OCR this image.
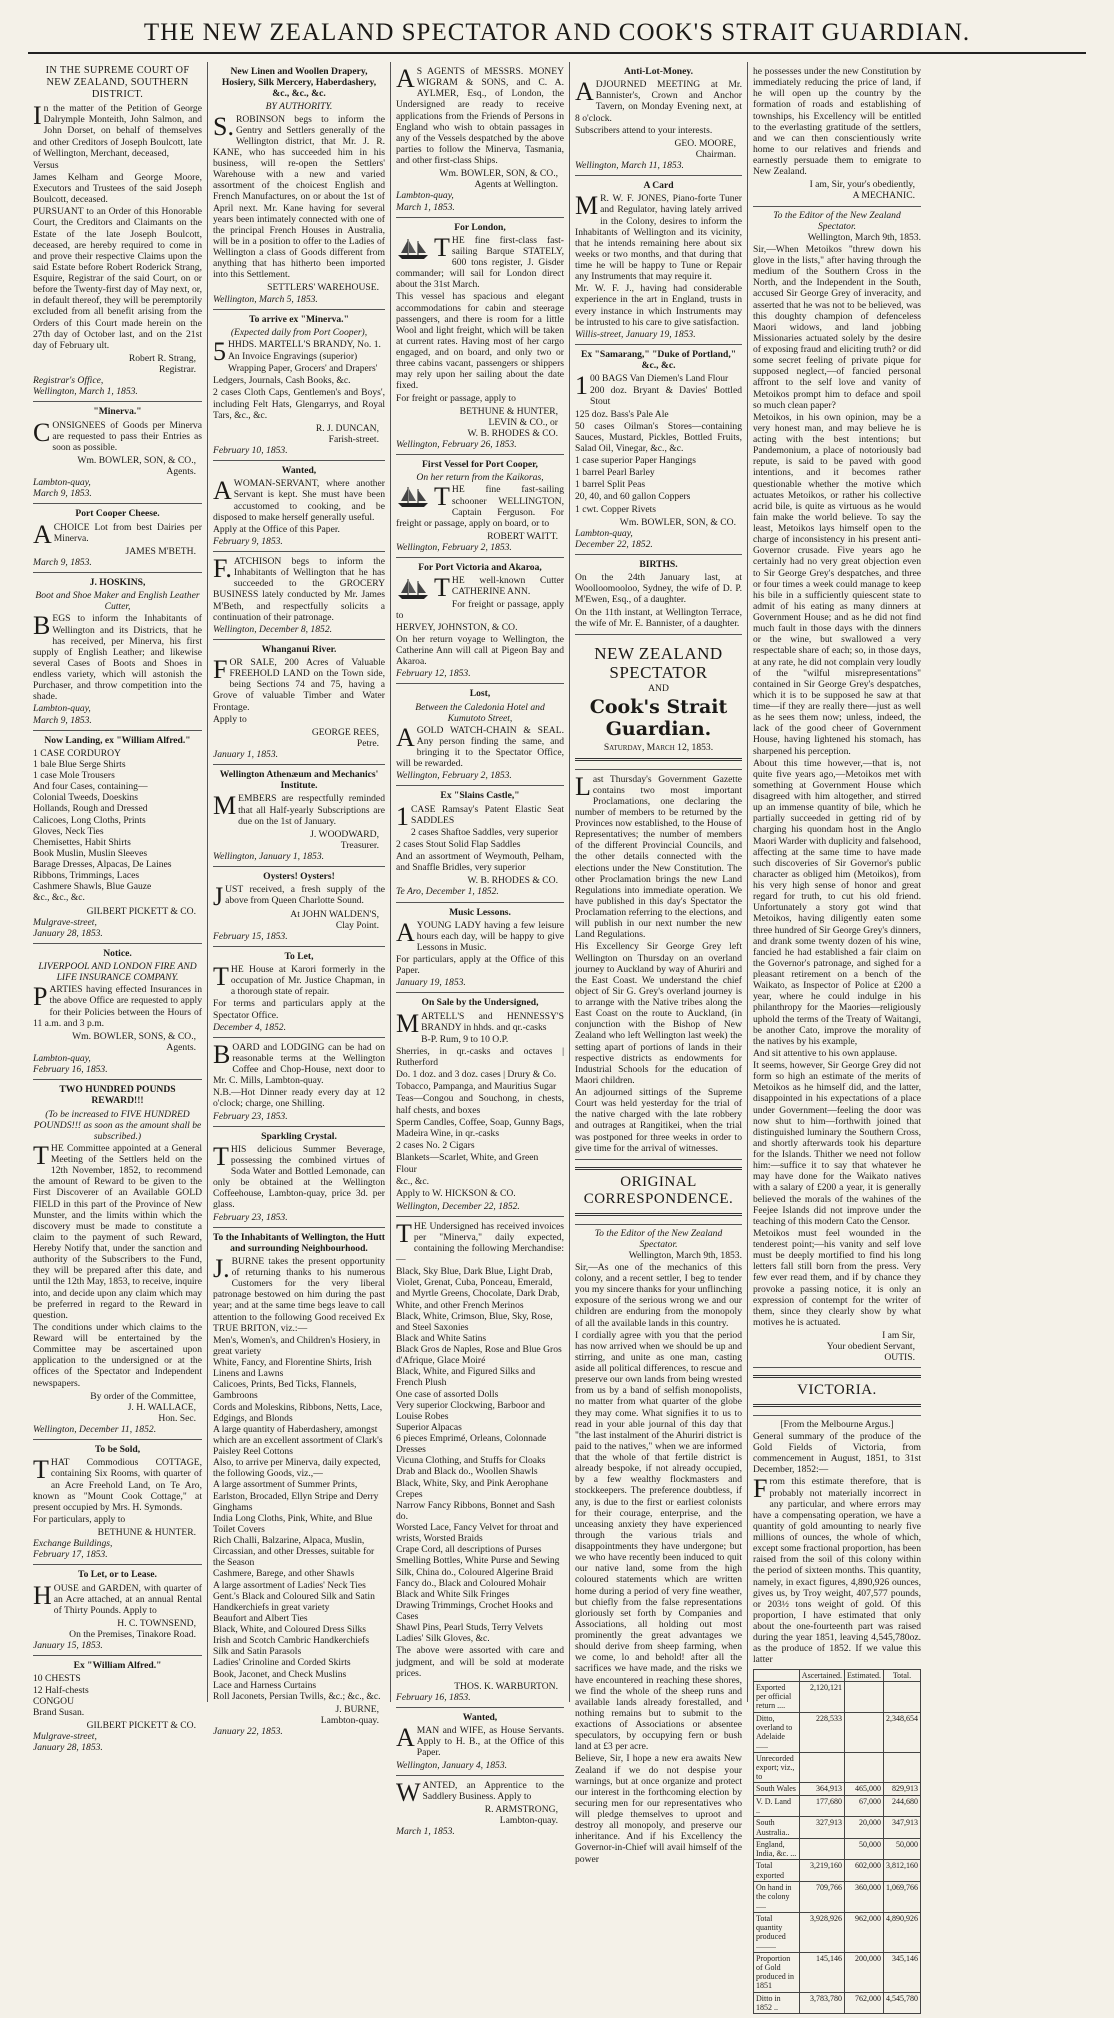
THE NEW ZEALAND SPECTATOR AND COOK'S STRAIT GUARDIAN.
IN THE SUPREME COURT OF NEW ZEALAND, SOUTHERN DISTRICT.

In the matter of the Petition of George Dalrymple Monteith, John Salmon, and John Dorset, on behalf of themselves and other Creditors of Joseph Boulcott, late of Wellington, Merchant, deceased,

Versus

James Kelham and George Moore, Executors and Trustees of the said Joseph Boulcott, deceased.

PURSUANT to an Order of this Honorable Court, the Creditors and Claimants on the Estate of the late Joseph Boulcott, deceased, are hereby required to come in and prove their respective Claims upon the said Estate before Robert Roderick Strang, Esquire, Registrar of the said Court, on or before the Twenty-first day of May next, or, in default thereof, they will be peremptorily excluded from all benefit arising from the Orders of this Court made herein on the 27th day of October last, and on the 21st day of February ult.

Robert R. Strang,
Registrar.
Registrar's Office,
Wellington, March 1, 1853.
"Minerva."

CONSIGNEES of Goods per Minerva are requested to pass their Entries as soon as possible.

Wm. BOWLER, SON, & CO.,
Agents.
Lambton-quay,
March 9, 1853.
Port Cooper Cheese.

ACHOICE Lot from best Dairies per Minerva.

JAMES M'BETH.
March 9, 1853.
J. HOSKINS,
Boot and Shoe Maker and English Leather Cutter,

BEGS to inform the Inhabitants of Wellington and its Districts, that he has received, per Minerva, his first supply of English Leather; and likewise several Cases of Boots and Shoes in endless variety, which will astonish the Purchaser, and throw competition into the shade.

Lambton-quay,
March 9, 1853.
Now Landing, ex "William Alfred."

1 CASE CORDUROY

1 bale Blue Serge Shirts

1 case Mole Trousers

And four Cases, containing—

Colonial Tweeds, Doeskins

Hollands, Rough and Dressed

Calicoes, Long Cloths, Prints

Gloves, Neck Ties

Chemisettes, Habit Shirts

Book Muslin, Muslin Sleeves

Barage Dresses, Alpacas, De Laines

Ribbons, Trimmings, Laces

Cashmere Shawls, Blue Gauze

&c., &c., &c.

GILBERT PICKETT & CO.
Mulgrave-street,
January 28, 1853.
Notice.
LIVERPOOL AND LONDON FIRE AND LIFE INSURANCE COMPANY.

PARTIES having effected Insurances in the above Office are requested to apply for their Policies between the Hours of 11 a.m. and 3 p.m.

Wm. BOWLER, SONS, & CO.,
Agents.
Lambton-quay,
February 16, 1853.
TWO HUNDRED POUNDS REWARD!!!
(To be increased to FIVE HUNDRED POUNDS!!! as soon as the amount shall be subscribed.)

THE Committee appointed at a General Meeting of the Settlers held on the 12th November, 1852, to recommend the amount of Reward to be given to the First Discoverer of an Available GOLD FIELD in this part of the Province of New Munster, and the limits within which the discovery must be made to constitute a claim to the payment of such Reward, Hereby Notify that, under the sanction and authority of the Subscribers to the Fund, they will be prepared after this date, and until the 12th May, 1853, to receive, inquire into, and decide upon any claim which may be preferred in regard to the Reward in question.

The conditions under which claims to the Reward will be entertained by the Committee may be ascertained upon application to the undersigned or at the offices of the Spectator and Independent newspapers.

By order of the Committee,
J. H. WALLACE,
Hon. Sec.
Wellington, December 11, 1852.
To be Sold,

THAT Commodious COTTAGE, containing Six Rooms, with quarter of an Acre Freehold Land, on Te Aro, known as "Mount Cook Cottage," at present occupied by Mrs. H. Symonds.

For particulars, apply to

BETHUNE & HUNTER.
Exchange Buildings,
February 17, 1853.
To Let, or to Lease.

HOUSE and GARDEN, with quarter of an Acre attached, at an annual Rental of Thirty Pounds. Apply to

H. C. TOWNSEND,
On the Premises, Tinakore Road.
January 15, 1853.
Ex "William Alfred."

10 CHESTS

12 Half-chests

CONGOU

Brand Susan.

GILBERT PICKETT & CO.
Mulgrave-street,
January 28, 1853.
New Linen and Woollen Drapery, Hosiery, Silk Mercery, Haberdashery, &c., &c., &c.
BY AUTHORITY.

S.ROBINSON begs to inform the Gentry and Settlers generally of the Wellington district, that Mr. J. R. KANE, who has succeeded him in his business, will re-open the Settlers' Warehouse with a new and varied assortment of the choicest English and French Manufactures, on or about the 1st of April next. Mr. Kane having for several years been intimately connected with one of the principal French Houses in Australia, will be in a position to offer to the Ladies of Wellington a class of Goods different from anything that has hitherto been imported into this Settlement.

SETTLERS' WAREHOUSE.
Wellington, March 5, 1853.
To arrive ex "Minerva."
(Expected daily from Port Cooper),

5HHDS. MARTELL'S BRANDY, No. 1.

An Invoice Engravings (superior)

Wrapping Paper, Grocers' and Drapers'

Ledgers, Journals, Cash Books, &c.

2 cases Cloth Caps, Gentlemen's and Boys', including Felt Hats, Glengarrys, and Royal Tars, &c., &c.

R. J. DUNCAN,
Farish-street.
February 10, 1853.
Wanted,

AWOMAN-SERVANT, where another Servant is kept. She must have been accustomed to cooking, and be disposed to make herself generally useful.

Apply at the Office of this Paper.

February 9, 1853.

F.ATCHISON begs to inform the Inhabitants of Wellington that he has succeeded to the GROCERY BUSINESS lately conducted by Mr. James M'Beth, and respectfully solicits a continuation of their patronage.

Wellington, December 8, 1852.
Whanganui River.

FOR SALE, 200 Acres of Valuable FREEHOLD LAND on the Town side, being Sections 74 and 75, having a Grove of valuable Timber and Water Frontage.

Apply to

GEORGE REES,
Petre.
January 1, 1853.
Wellington Athenæum and Mechanics' Institute.

MEMBERS are respectfully reminded that all Half-yearly Subscriptions are due on the 1st of January.

J. WOODWARD,
Treasurer.
Wellington, January 1, 1853.
Oysters! Oysters!

JUST received, a fresh supply of the above from Queen Charlotte Sound.

At JOHN WALDEN'S,
Clay Point.
February 15, 1853.
To Let,

THE House at Karori formerly in the occupation of Mr. Justice Chapman, in a thorough state of repair.

For terms and particulars apply at the Spectator Office.

December 4, 1852.

BOARD and LODGING can be had on reasonable terms at the Wellington Coffee and Chop-House, next door to Mr. C. Mills, Lambton-quay.

N.B.—Hot Dinner ready every day at 12 o'clock; charge, one Shilling.

February 23, 1853.
Sparkling Crystal.

THIS delicious Summer Beverage, possessing the combined virtues of Soda Water and Bottled Lemonade, can only be obtained at the Wellington Coffeehouse, Lambton-quay, price 3d. per glass.

February 23, 1853.
To the Inhabitants of Wellington, the Hutt and surrounding Neighbourhood.

J.BURNE takes the present opportunity of returning thanks to his numerous Customers for the very liberal patronage bestowed on him during the past year; and at the same time begs leave to call attention to the following Good received Ex TRUE BRITON, viz.:—

Men's, Women's, and Children's Hosiery, in great variety

White, Fancy, and Florentine Shirts, Irish Linens and Lawns

Calicoes, Prints, Bed Ticks, Flannels, Gambroons

Cords and Moleskins, Ribbons, Netts, Lace, Edgings, and Blonds

A large quantity of Haberdashery, amongst which are an excellent assortment of Clark's Paisley Reel Cottons

Also, to arrive per Minerva, daily expected, the following Goods, viz.,—

A large assortment of Summer Prints, Earlston, Brocaded, Ellyn Stripe and Derry Ginghams

India Long Cloths, Pink, White, and Blue Toilet Covers

Rich Challi, Balzarine, Alpaca, Muslin, Circassian, and other Dresses, suitable for the Season

Cashmere, Barege, and other Shawls

A large assortment of Ladies' Neck Ties

Gent.'s Black and Coloured Silk and Satin Handkerchiefs in great variety

Beaufort and Albert Ties

Black, White, and Coloured Dress Silks

Irish and Scotch Cambric Handkerchiefs

Silk and Satin Parasols

Ladies' Crinoline and Corded Skirts

Book, Jaconet, and Check Muslins

Lace and Harness Curtains

Roll Jaconets, Persian Twills, &c.; &c., &c.

J. BURNE,
Lambton-quay.
January 22, 1853.

AS AGENTS of MESSRS. MONEY WIGRAM & SONS, and C. A. AYLMER, Esq., of London, the Undersigned are ready to receive applications from the Friends of Persons in England who wish to obtain passages in any of the Vessels despatched by the above parties to follow the Minerva, Tasmania, and other first-class Ships.

Wm. BOWLER, SON, & CO.,
Agents at Wellington.
Lambton-quay,
March 1, 1853.
For London,

THE fine first-class fast-sailing Barque STATELY, 600 tons register, J. Gisder commander; will sail for London direct about the 31st March.

This vessel has spacious and elegant accommodations for cabin and steerage passengers, and there is room for a little Wool and light freight, which will be taken at current rates. Having most of her cargo engaged, and on board, and only two or three cabins vacant, passengers or shippers may rely upon her sailing about the date fixed.

For freight or passage, apply to

BETHUNE & HUNTER,
LEVIN & CO., or
W. B. RHODES & CO.
Wellington, February 26, 1853.
First Vessel for Port Cooper,
On her return from the Kaikoras,

THE fine fast-sailing schooner WELLINGTON, Captain Ferguson. For freight or passage, apply on board, or to

ROBERT WAITT.
Wellington, February 2, 1853.
For Port Victoria and Akaroa,

THE well-known Cutter CATHERINE ANN.

For freight or passage, apply to

HERVEY, JOHNSTON, & CO.

On her return voyage to Wellington, the Catherine Ann will call at Pigeon Bay and Akaroa.

February 12, 1853.
Lost,
Between the Caledonia Hotel and Kumutoto Street,

AGOLD WATCH-CHAIN & SEAL. Any person finding the same, and bringing it to the Spectator Office, will be rewarded.

Wellington, February 2, 1853.
Ex "Slains Castle,"

1CASE Ramsay's Patent Elastic Seat SADDLES

2 cases Shaftoe Saddles, very superior

2 cases Stout Solid Flap Saddles

And an assortment of Weymouth, Pelham, and Snaffle Bridles, very superior

W. B. RHODES & CO.
Te Aro, December 1, 1852.
Music Lessons.

AYOUNG LADY having a few leisure hours each day, will be happy to give Lessons in Music.

For particulars, apply at the Office of this Paper.

January 19, 1853.
On Sale by the Undersigned,

MARTELL'S and HENNESSY'S BRANDY in hhds. and qr.-casks

B-P. Rum, 9 to 10 O.P.

Sherries, in qr.-casks and octaves | Rutherford

Do. 1 doz. and 3 doz. cases | Drury & Co.

Tobacco, Pampanga, and Mauritius Sugar

Teas—Congou and Souchong, in chests, half chests, and boxes

Sperm Candles, Coffee, Soap, Gunny Bags, Madeira Wine, in qr.-casks

2 cases No. 2 Cigars

Blankets—Scarlet, White, and Green

Flour

&c., &c.

Apply to W. HICKSON & CO.

Wellington, December 22, 1852.

THE Undersigned has received invoices per "Minerva," daily expected, containing the following Merchandise:—

Black, Sky Blue, Dark Blue, Light Drab, Violet, Grenat, Cuba, Ponceau, Emerald, and Myrtle Greens, Chocolate, Dark Drab, White, and other French Merinos

Black, White, Crimson, Blue, Sky, Rose, and Steel Saxonies

Black and White Satins

Black Gros de Naples, Rose and Blue Gros d'Afrique, Glace Moiré

Black, White, and Figured Silks and French Plush

One case of assorted Dolls

Very superior Clockwing, Barboor and Louise Robes

Superior Alpacas

6 pieces Emprimé, Orleans, Colonnade Dresses

Vicuna Clothing, and Stuffs for Cloaks

Drab and Black do., Woollen Shawls

Black, White, Sky, and Pink Aerophane Crepes

Narrow Fancy Ribbons, Bonnet and Sash do.

Worsted Lace, Fancy Velvet for throat and wrists, Worsted Braids

Crape Cord, all descriptions of Purses

Smelling Bottles, White Purse and Sewing Silk, China do., Coloured Algerine Braid

Fancy do., Black and Coloured Mohair

Black and White Silk Fringes

Drawing Trimmings, Crochet Hooks and Cases

Shawl Pins, Pearl Studs, Terry Velvets

Ladies' Silk Gloves, &c.

The above were assorted with care and judgment, and will be sold at moderate prices.

THOS. K. WARBURTON.
February 16, 1853.
Wanted,

AMAN and WIFE, as House Servants. Apply to H. B., at the Office of this Paper.

Wellington, January 4, 1853.

WANTED, an Apprentice to the Saddlery Business. Apply to

R. ARMSTRONG,
Lambton-quay.
March 1, 1853.
Anti-Lot-Money.

ADJOURNED MEETING at Mr. Bannister's, Crown and Anchor Tavern, on Monday Evening next, at 8 o'clock.

Subscribers attend to your interests.

GEO. MOORE,
Chairman.
Wellington, March 11, 1853.
A Card

MR. W. F. JONES, Piano-forte Tuner and Regulator, having lately arrived in the Colony, desires to inform the Inhabitants of Wellington and its vicinity, that he intends remaining here about six weeks or two months, and that during that time he will be happy to Tune or Repair any Instruments that may require it.

Mr. W. F. J., having had considerable experience in the art in England, trusts in every instance in which Instruments may be intrusted to his care to give satisfaction.

Willis-street, January 19, 1853.
Ex "Samarang," "Duke of Portland," &c., &c.

100 BAGS Van Diemen's Land Flour

200 doz. Bryant & Davies' Bottled Stout

125 doz. Bass's Pale Ale

50 cases Oilman's Stores—containing Sauces, Mustard, Pickles, Bottled Fruits, Salad Oil, Vinegar, &c., &c.

1 case superior Paper Hangings

1 barrel Pearl Barley

1 barrel Split Peas

20, 40, and 60 gallon Coppers

1 cwt. Copper Rivets

Wm. BOWLER, SON, & CO.
Lambton-quay,
December 22, 1852.
BIRTHS.

On the 24th January last, at Woolloomooloo, Sydney, the wife of D. P. M'Ewen, Esq., of a daughter.

On the 11th instant, at Wellington Terrace, the wife of Mr. E. Bannister, of a daughter.

NEW ZEALAND SPECTATOR
AND
Cook's Strait Guardian.
Saturday, March 12, 1853.

Last Thursday's Government Gazette contains two most important Proclamations, one declaring the number of members to be returned by the Provinces now established, to the House of Representatives; the number of members of the different Provincial Councils, and the other details connected with the elections under the New Constitution. The other Proclamation brings the new Land Regulations into immediate operation. We have published in this day's Spectator the Proclamation referring to the elections, and will publish in our next number the new Land Regulations.

His Excellency Sir George Grey left Wellington on Thursday on an overland journey to Auckland by way of Ahuriri and the East Coast. We understand the chief object of Sir G. Grey's overland journey is to arrange with the Native tribes along the East Coast on the route to Auckland, (in conjunction with the Bishop of New Zealand who left Wellington last week) the setting apart of portions of lands in their respective districts as endowments for Industrial Schools for the education of Maori children.

An adjourned sittings of the Supreme Court was held yesterday for the trial of the native charged with the late robbery and outrages at Rangitikei, when the trial was postponed for three weeks in order to give time for the arrival of witnesses.

ORIGINAL CORRESPONDENCE.
To the Editor of the New Zealand Spectator.
Wellington, March 9th, 1853.

Sir,—As one of the mechanics of this colony, and a recent settler, I beg to tender you my sincere thanks for your unflinching exposure of the serious wrong we and our children are enduring from the monopoly of all the available lands in this country.

I cordially agree with you that the period has now arrived when we should be up and stirring, and unite as one man, casting aside all political differences, to rescue and preserve our own lands from being wrested from us by a band of selfish monopolists, no matter from what quarter of the globe they may come. What signifies it to us to read in your able journal of this day that "the last instalment of the Ahuriri district is paid to the natives," when we are informed that the whole of that fertile district is already bespoke, if not already occupied, by a few wealthy flockmasters and stockkeepers. The preference doubtless, if any, is due to the first or earliest colonists for their courage, enterprise, and the unceasing anxiety they have experienced through the various trials and disappointments they have undergone; but we who have recently been induced to quit our native land, some from the high coloured statements which are written home during a period of very fine weather, but chiefly from the false representations gloriously set forth by Companies and Associations, all holding out most prominently the great advantages we should derive from sheep farming, when we come, lo and behold! after all the sacrifices we have made, and the risks we have encountered in reaching these shores, we find the whole of the sheep runs and available lands already forestalled, and nothing remains but to submit to the exactions of Associations or absentee speculators, by occupying fern or bush land at £3 per acre.

Believe, Sir, I hope a new era awaits New Zealand if we do not despise your warnings, but at once organize and protect our interest in the forthcoming election by securing men for our representatives who will pledge themselves to uproot and destroy all monopoly, and preserve our inheritance. And if his Excellency the Governor-in-Chief will avail himself of the power

he possesses under the new Constitution by immediately reducing the price of land, if he will open up the country by the formation of roads and establishing of townships, his Excellency will be entitled to the everlasting gratitude of the settlers, and we can then conscientiously write home to our relatives and friends and earnestly persuade them to emigrate to New Zealand.

I am, Sir, your's obediently,
A MECHANIC.
To the Editor of the New Zealand Spectator.
Wellington, March 9th, 1853.

Sir,—When Metoikos "threw down his glove in the lists," after having through the medium of the Southern Cross in the North, and the Independent in the South, accused Sir George Grey of inveracity, and asserted that he was not to be believed, was this doughty champion of defenceless Maori widows, and land jobbing Missionaries actuated solely by the desire of exposing fraud and eliciting truth? or did some secret feeling of private pique for supposed neglect,—of fancied personal affront to the self love and vanity of Metoikos prompt him to deface and spoil so much clean paper?

Metoikos, in his own opinion, may be a very honest man, and may believe he is acting with the best intentions; but Pandemonium, a place of notoriously bad repute, is said to be paved with good intentions, and it becomes rather questionable whether the motive which actuates Metoikos, or rather his collective acrid bile, is quite as virtuous as he would fain make the world believe. To say the least, Metoikos lays himself open to the charge of inconsistency in his present anti-Governor crusade. Five years ago he certainly had no very great objection even to Sir George Grey's despatches, and three or four times a week could manage to keep his bile in a sufficiently quiescent state to admit of his eating as many dinners at Government House; and as he did not find much fault in those days with the dinners or the wine, but swallowed a very respectable share of each; so, in those days, at any rate, he did not complain very loudly of the "wilful misrepresentations" contained in Sir George Grey's despatches, which it is to be supposed he saw at that time—if they are really there—just as well as he sees them now; unless, indeed, the lack of the good cheer of Government House, having lightened his stomach, has sharpened his perception.

About this time however,—that is, not quite five years ago,—Metoikos met with something at Government House which disagreed with him altogether, and stirred up an immense quantity of bile, which he partially succeeded in getting rid of by charging his quondam host in the Anglo Maori Warder with duplicity and falsehood, affecting at the same time to have made such discoveries of Sir Governor's public character as obliged him (Metoikos), from his very high sense of honor and great regard for truth, to cut his old friend. Unfortunately a story got wind that Metoikos, having diligently eaten some three hundred of Sir George Grey's dinners, and drank some twenty dozen of his wine, fancied he had established a fair claim on the Governor's patronage, and sighed for a pleasant retirement on a bench of the Waikato, as Inspector of Police at £200 a year, where he could indulge in his philanthropy for the Maories—religiously uphold the terms of the Treaty of Waitangi, be another Cato, improve the morality of the natives by his example,

And sit attentive to his own applause.

It seems, however, Sir George Grey did not form so high an estimate of the merits of Metoikos as he himself did, and the latter, disappointed in his expectations of a place under Government—feeling the door was now shut to him—forthwith joined that distinguished luminary the Southern Cross, and shortly afterwards took his departure for the Islands. Thither we need not follow him:—suffice it to say that whatever he may have done for the Waikato natives with a salary of £200 a year, it is generally believed the morals of the wahines of the Feejee Islands did not improve under the teaching of this modern Cato the Censor.

Metoikos must feel wounded in the tenderest point;—his vanity and self love must be deeply mortified to find his long letters fall still born from the press. Very few ever read them, and if by chance they provoke a passing notice, it is only an expression of contempt for the writer of them, since they clearly show by what motives he is actuated.

I am Sir,
Your obedient Servant,
OUTIS.
VICTORIA.
[From the Melbourne Argus.]

General summary of the produce of the Gold Fields of Victoria, from commencement in August, 1851, to 31st December, 1852:—

From this estimate therefore, that is probably not materially incorrect in any particular, and where errors may have a compensating operation, we have a quantity of gold amounting to nearly five millions of ounces, the whole of which, except some fractional proportion, has been raised from the soil of this colony within the period of sixteen months. This quantity, namely, in exact figures, 4,890,926 ounces, gives us, by Troy weight, 407,577 pounds, or 203½ tons weight of gold. Of this proportion, I have estimated that only about the one-fourteenth part was raised during the year 1851, leaving 4,545,780oz. as the produce of 1852. If we value this latter

	Ascertained.	Estimated.	Total.
Exported per official return ....	2,120,121		
Ditto, overland to Adelaide ......	228,533		2,348,654
Unrecorded export; viz., to			
South Wales	364,913	465,000	829,913
V. D. Land ..	177,680	67,000	244,680
South Australia..	327,913	20,000	347,913
England, India, &c. ...		50,000	50,000
Total exported	3,219,160	602,000	3,812,160
On hand in the colony .....	709,766	360,000	1,069,766
Total quantity produced ..........	3,928,926	962,000	4,890,926
Proportion of Gold produced in 1851	145,146	200,000	345,146
Ditto in 1852 ..	3,783,780	762,000	4,545,780
